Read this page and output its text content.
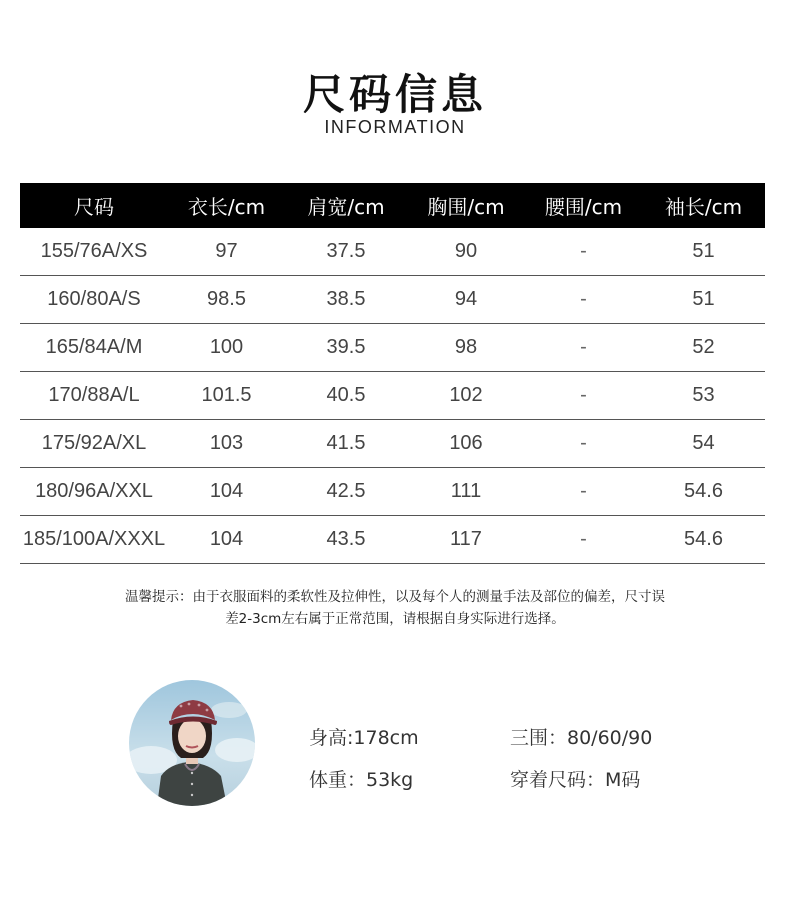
尺码信息
INFORMATION
尺码	衣长/cm	肩宽/cm	胸围/cm	腰围/cm	袖长/cm
155/76A/XS	97	37.5	90	-	51
160/80A/S	98.5	38.5	94	-	51
165/84A/M	100	39.5	98	-	52
170/88A/L	101.5	40.5	102	-	53
175/92A/XL	103	41.5	106	-	54
180/96A/XXL	104	42.5	111	-	54.6
185/100A/XXXL	104	43.5	117	-	54.6
温馨提示：由于衣服面料的柔软性及拉伸性，以及每个人的测量手法及部位的偏差，尺寸误
差2-3cm左右属于正常范围，请根据自身实际进行选择。
身高:178cm	三围：80/60/90
体重：53kg	穿着尺码：M码
